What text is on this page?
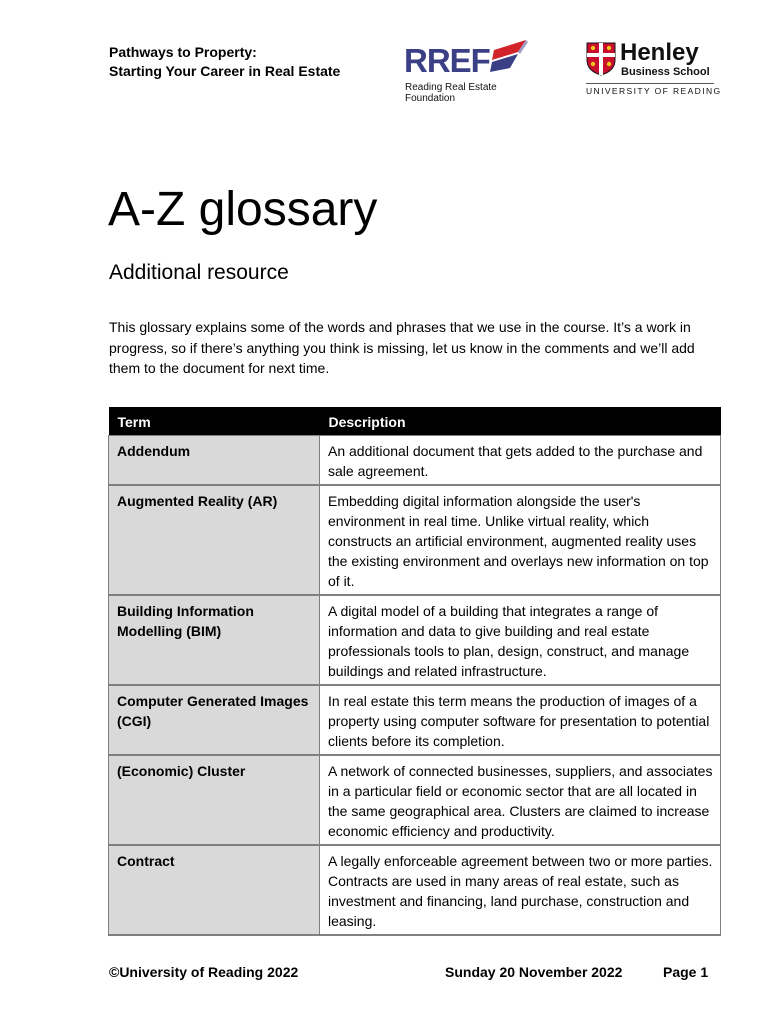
Pathways to Property:
Starting Your Career in Real Estate RREF
Reading Real Estate
Foundation
Henley
Business School
UNIVERSITY OF READING
A-Z glossary
Additional resource

This glossary explains some of the words and phrases that we use in the course. It’s a work in progress, so if there’s anything you think is missing, let us know in the comments and we’ll add them to the document for next time.

Term	Description
Addendum	An additional document that gets added to the purchase and sale agreement.
Augmented Reality (AR)	Embedding digital information alongside the user's environment in real time. Unlike virtual reality, which constructs an artificial environment, augmented reality uses the existing environment and overlays new information on top of it.
Building Information Modelling (BIM)	A digital model of a building that integrates a range of information and data to give building and real estate professionals tools to plan, design, construct, and manage buildings and related infrastructure.
Computer Generated Images (CGI)	In real estate this term means the production of images of a property using computer software for presentation to potential clients before its completion.
(Economic) Cluster	A network of connected businesses, suppliers, and associates in a particular field or economic sector that are all located in the same geographical area. Clusters are claimed to increase economic efficiency and productivity.
Contract	A legally enforceable agreement between two or more parties. Contracts are used in many areas of real estate, such as investment and financing, land purchase, construction and leasing.
©University of Reading 2022	Sunday 20 November 2022	Page 1
